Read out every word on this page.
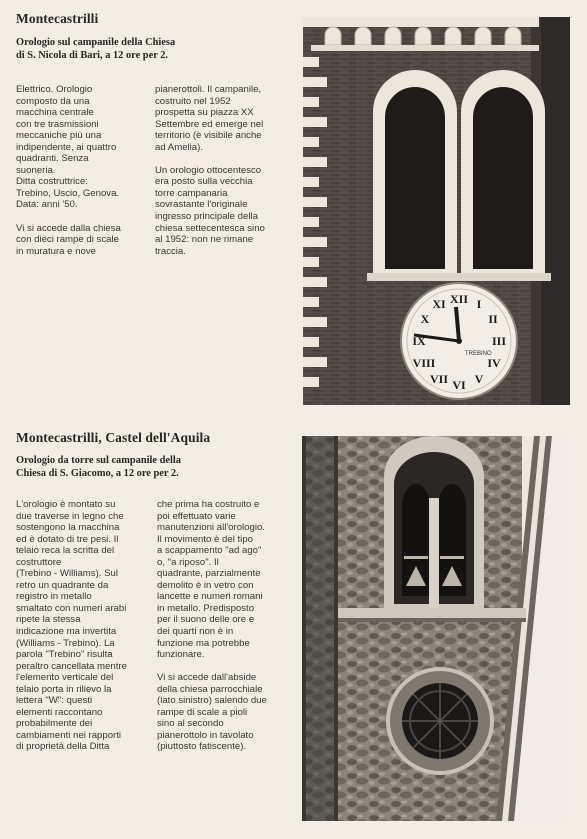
Montecastrilli
Orologio sul campanile della Chiesa
di S. Nicola di Bari, a 12 ore per 2.
Elettrico. Orologio
composto da una
macchina centrale
con tre trasmissioni
meccaniche più una
indipendente, ai quattro
quadranti. Senza
suoneria.
Ditta costruttrice:
Trebino, Uscio, Genova.
Data: anni '50.

Vi si accede dalla chiesa
con dieci rampe di scale
in muratura e nove
pianerottoli. Il campanile,
costruito nel 1952
prospetta su piazza XX
Settembre ed emerge nel
territorio (è visibile anche
ad Amelia).

Un orologio ottocentesco
era posto sulla vecchia
torre campanaria
sovrastante l'originale
ingresso principale della
chiesa settecentesca sino
al 1952: non ne rimane
traccia.
XII I
II
III
IV
V
VI
VII
VIII
IX
X
XI
TREBINO
Montecastrilli, Castel dell'Aquila
Orologio da torre sul campanile della
Chiesa di S. Giacomo, a 12 ore per 2.
L'orologio è montato su
due traverse in legno che
sostengono la macchina
ed è dotato di tre pesi. Il
telaio reca la scritta del
costruttore
(Trebino - Williams). Sul
retro un quadrante da
registro in metallo
smaltato con numeri arabi
ripete la stessa
indicazione ma invertita
(Williams - Trebino). La
parola "Trebino" risulta
peraltro cancellata mentre
l'elemento verticale del
telaio porta in rilievo la
lettera "W": questi
elementi raccontano
probabilmente dei
cambiamenti nei rapporti
di proprietà della Ditta
che prima ha costruito e
poi effettuato varie
manutenzioni all'orologio.
Il movimento è del tipo
a scappamento "ad ago"
o, "a riposo". Il
quadrante, parzialmente
demolito è in vetro con
lancette e numeri romani
in metallo. Predisposto
per il suono delle ore e
dei quarti non è in
funzione ma potrebbe
funzionare.

Vi si accede dall'abside
della chiesa parrocchiale
(lato sinistro) salendo due
rampe di scale a pioli
sino al secondo
pianerottolo in tavolato
(piuttosto fatiscente).
